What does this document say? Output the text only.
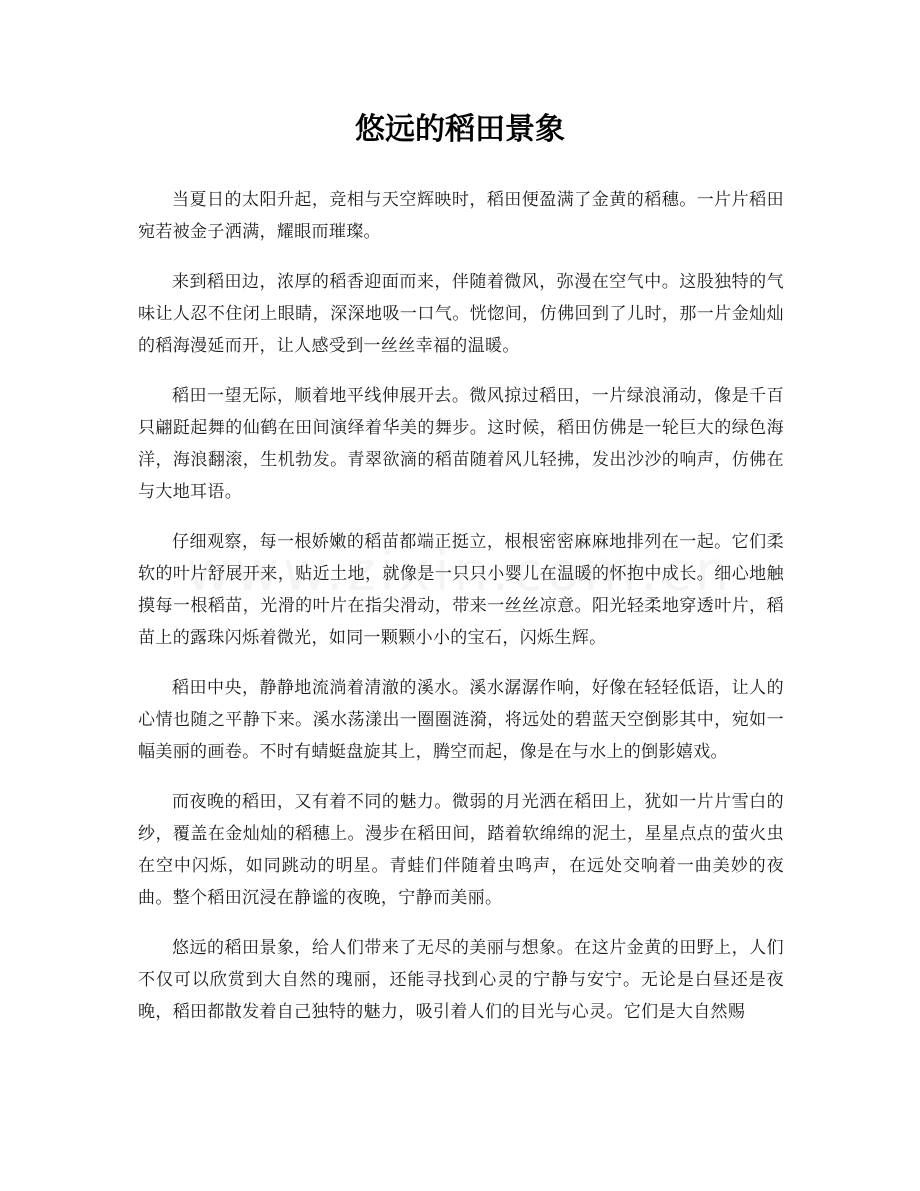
悠远的稻田景象

当夏日的太阳升起，竞相与天空辉映时，稻田便盈满了金黄的稻穗。一片片稻田宛若被金子洒满，耀眼而璀璨。

来到稻田边，浓厚的稻香迎面而来，伴随着微风，弥漫在空气中。这股独特的气味让人忍不住闭上眼睛，深深地吸一口气。恍惚间，仿佛回到了儿时，那一片金灿灿的稻海漫延而开，让人感受到一丝丝幸福的温暖。

稻田一望无际，顺着地平线伸展开去。微风掠过稻田，一片绿浪涌动，像是千百只翩跹起舞的仙鹤在田间演绎着华美的舞步。这时候，稻田仿佛是一轮巨大的绿色海洋，海浪翻滚，生机勃发。青翠欲滴的稻苗随着风儿轻拂，发出沙沙的响声，仿佛在与大地耳语。

仔细观察，每一根娇嫩的稻苗都端正挺立，根根密密麻麻地排列在一起。它们柔软的叶片舒展开来，贴近土地，就像是一只只小婴儿在温暖的怀抱中成长。细心地触摸每一根稻苗，光滑的叶片在指尖滑动，带来一丝丝凉意。阳光轻柔地穿透叶片，稻苗上的露珠闪烁着微光，如同一颗颗小小的宝石，闪烁生辉。

稻田中央，静静地流淌着清澈的溪水。溪水潺潺作响，好像在轻轻低语，让人的心情也随之平静下来。溪水荡漾出一圈圈涟漪，将远处的碧蓝天空倒影其中，宛如一幅美丽的画卷。不时有蜻蜓盘旋其上，腾空而起，像是在与水上的倒影嬉戏。

而夜晚的稻田，又有着不同的魅力。微弱的月光洒在稻田上，犹如一片片雪白的纱，覆盖在金灿灿的稻穗上。漫步在稻田间，踏着软绵绵的泥土，星星点点的萤火虫在空中闪烁，如同跳动的明星。青蛙们伴随着虫鸣声，在远处交响着一曲美妙的夜曲。整个稻田沉浸在静谧的夜晚，宁静而美丽。

悠远的稻田景象，给人们带来了无尽的美丽与想象。在这片金黄的田野上，人们不仅可以欣赏到大自然的瑰丽，还能寻找到心灵的宁静与安宁。无论是白昼还是夜晚，稻田都散发着自己独特的魅力，吸引着人们的目光与心灵。它们是大自然赐
